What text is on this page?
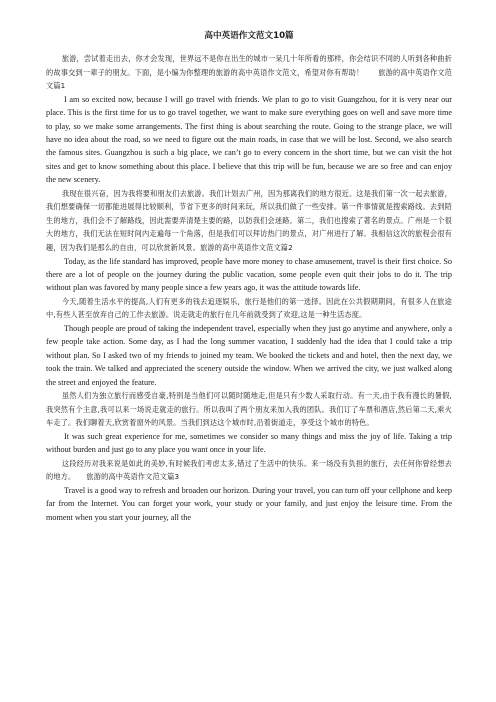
高中英语作文范文10篇

旅游，尝试着走出去，你才会发现，世界远不是你在出生的城市一呆几十年所看的那样，你会结识不同的人听到各种曲折的故事交到一辈子的朋友。下面，是小编为你整理的旅游的高中英语作文范文，希望对你有帮助！　　旅游的高中英语作文范文篇1

I am so excited now, because I will go travel with friends. We plan to go to visit Guangzhou, for it is very near our place. This is the first time for us to go travel together, we want to make sure everything goes on well and save more time to play, so we make some arrangements. The first thing is about searching the route. Going to the strange place, we will have no idea about the road, so we need to figure out the main roads, in case that we will be lost. Second, we also search the famous sites. Guangzhou is such a big place, we can’t go to every concern in the short time, but we can visit the hot sites and get to know something about this place. I believe that this trip will be fun, because we are so free and can enjoy the new scenery.

我现在很兴奋，因为我将要和朋友们去旅游。我们计划去广州，因为那离我们的地方很近。这是我们第一次一起去旅游，我们想要确保一切都能进展得比较顺利，节省下更多的时间来玩，所以我们做了一些安排。第一件事情就是搜索路线。去到陌生的地方，我们会不了解路线，因此需要弄清楚主要的路，以防我们会迷路。第二，我们也搜索了著名的景点。广州是一个很大的地方，我们无法在短时间内走遍每一个角落，但是我们可以拜访热门的景点，对广州进行了解。我相信这次的旅程会很有趣，因为我们是那么的自由，可以欣赏新风景。旅游的高中英语作文范文篇2

Today, as the life standard has improved, people have more money to chase amusement, travel is their first choice. So there are a lot of people on the journey during the public vacation, some people even quit their jobs to do it. The trip without plan was favored by many people since a few years ago, it was the attitude towards life.

今天,随着生活水平的提高,人们有更多的钱去追逐娱乐，旅行是他们的第一选择。因此在公共假期期间，有很多人在旅途中,有些人甚至放弃自己的工作去旅游。说走就走的旅行在几年前就受到了欢迎,这是一种生活态度。

Though people are proud of taking the independent travel, especially when they just go anytime and anywhere, only a few people take action. Some day, as I had the long summer vacation, I suddenly had the idea that I could take a trip without plan. So I asked two of my friends to joined my team. We booked the tickets and and hotel, then the next day, we took the train. We talked and appreciated the scenery outside the window. When we arrived the city, we just walked along the street and enjoyed the feature.

虽然人们为独立旅行而感受自豪,特别是当他们可以随时随地走,但是只有少数人采取行动。有一天,由于我有漫长的暑假,我突然有个主意,我可以来一场说走就走的旅行。所以我叫了两个朋友来加入我的团队。我们订了车票和酒店,然后第二天,乘火车走了。我们聊着天,欣赏着窗外的风景。当我们到达这个城市时,沿着街道走，享受这个城市的特色。

It was such great experience for me, sometimes we consider so many things and miss the joy of life. Taking a trip without burden and just go to any place you want once in your life.

这段经历对我来说是如此的美妙,有时候我们考虑太多,错过了生活中的快乐。来一场没有负担的旅行，去任何你曾经想去的地方。　　旅游的高中英语作文范文篇3

Travel is a good way to refresh and broaden our horizon. During your travel, you can turn off your cellphone and keep far from the Internet. You can forget your work, your study or your family, and just enjoy the leisure time. From the moment when you start your journey, all the
